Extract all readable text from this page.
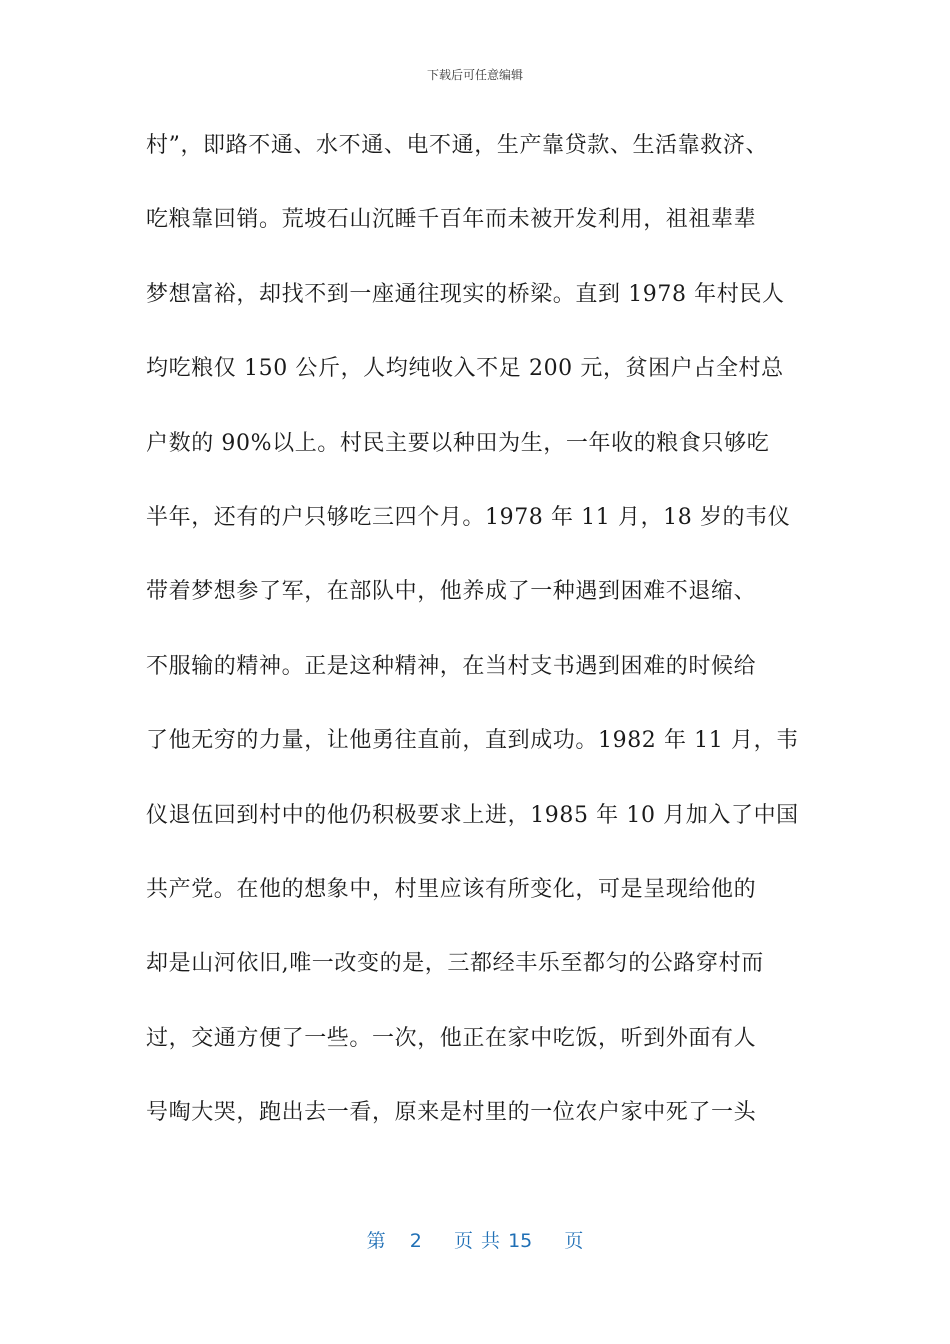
下载后可任意编辑
村”，即路不通、水不通、电不通，生产靠贷款、生活靠救济、
吃粮靠回销。荒坡石山沉睡千百年而未被开发利用，祖祖辈辈
梦想富裕，却找不到一座通往现实的桥梁。直到 1978 年村民人
均吃粮仅 150 公斤，人均纯收入不足 200 元，贫困户占全村总
户数的 90%以上。村民主要以种田为生，一年收的粮食只够吃
半年，还有的户只够吃三四个月。1978 年 11 月，18 岁的韦仪
带着梦想参了军，在部队中，他养成了一种遇到困难不退缩、
不服输的精神。正是这种精神，在当村支书遇到困难的时候给
了他无穷的力量，让他勇往直前，直到成功。1982 年 11 月，韦
仪退伍回到村中的他仍积极要求上进，1985 年 10 月加入了中国
共产党。在他的想象中，村里应该有所变化，可是呈现给他的
却是山河依旧,唯一改变的是，三都经丰乐至都匀的公路穿村而
过，交通方便了一些。一次，他正在家中吃饭，听到外面有人
号啕大哭，跑出去一看，原来是村里的一位农户家中死了一头
第 2 页 共 15 页
